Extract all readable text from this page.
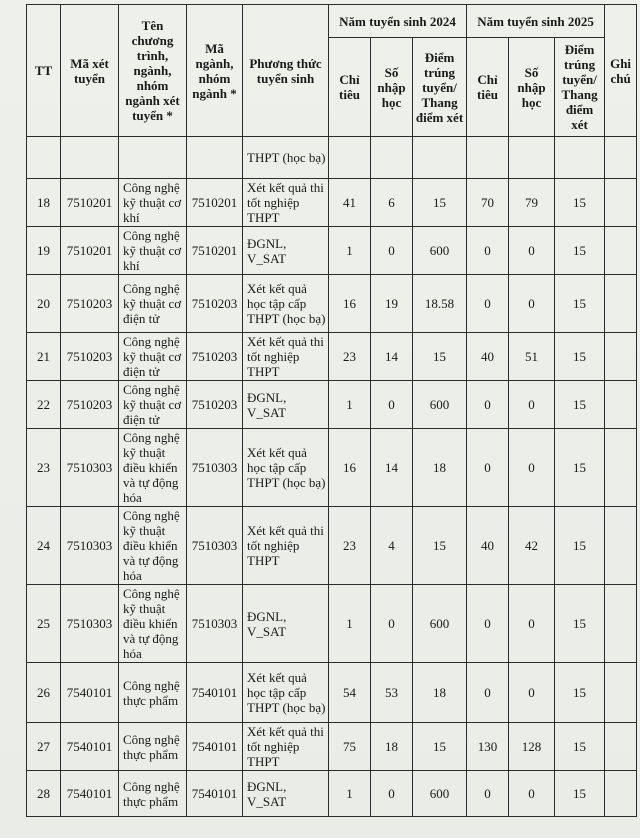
TT	Mã xét tuyển	Tên chương trình, ngành, nhóm ngành xét tuyển *	Mã ngành, nhóm ngành *	Phương thức tuyển sinh	Năm tuyển sinh 2024			Năm tuyển sinh 2025			Ghi chú
					Chỉ tiêu	Số nhập học	Điểm trúng tuyển/ Thang điểm xét	Chỉ tiêu	Số nhập học	Điểm trúng tuyển/ Thang điểm xét	
				THPT (học bạ)							
18	7510201	Công nghệ kỹ thuật cơ khí	7510201	Xét kết quả thi tốt nghiệp THPT	41	6	15	70	79	15	
19	7510201	Công nghệ kỹ thuật cơ khí	7510201	ĐGNL, V_SAT	1	0	600	0	0	15	
20	7510203	Công nghệ kỹ thuật cơ điện tử	7510203	Xét kết quả học tập cấp THPT (học bạ)	16	19	18.58	0	0	15	
21	7510203	Công nghệ kỹ thuật cơ điện tử	7510203	Xét kết quả thi tốt nghiệp THPT	23	14	15	40	51	15	
22	7510203	Công nghệ kỹ thuật cơ điện tử	7510203	ĐGNL, V_SAT	1	0	600	0	0	15	
23	7510303	Công nghệ kỹ thuật điều khiển và tự động hóa	7510303	Xét kết quả học tập cấp THPT (học bạ)	16	14	18	0	0	15	
24	7510303	Công nghệ kỹ thuật điều khiển và tự động hóa	7510303	Xét kết quả thi tốt nghiệp THPT	23	4	15	40	42	15	
25	7510303	Công nghệ kỹ thuật điều khiển và tự động hóa	7510303	ĐGNL, V_SAT	1	0	600	0	0	15	
26	7540101	Công nghệ thực phẩm	7540101	Xét kết quả học tập cấp THPT (học bạ)	54	53	18	0	0	15	
27	7540101	Công nghệ thực phẩm	7540101	Xét kết quả thi tốt nghiệp THPT	75	18	15	130	128	15	
28	7540101	Công nghệ thực phẩm	7540101	ĐGNL, V_SAT	1	0	600	0	0	15	
